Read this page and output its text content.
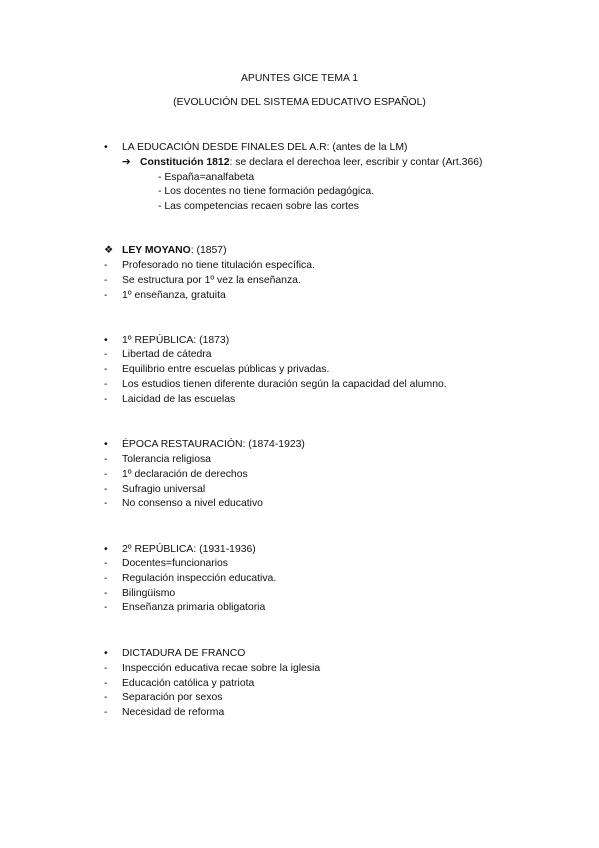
APUNTES GICE TEMA 1
(EVOLUCIÓN DEL SISTEMA EDUCATIVO ESPAÑOL)
• LA EDUCACIÓN DESDE FINALES DEL A.R: (antes de la LM)
➔ Constitución 1812: se declara el derechoa leer, escribir y contar (Art.366)
- España=analfabeta
- Los docentes no tiene formación pedagógica.
- Las competencias recaen sobre las cortes
❖ LEY MOYANO: (1857)
- Profesorado no tiene titulación específica.
- Se estructura por 1º vez la enseñanza.
- 1º enseñanza, gratuita
• 1º REPÚBLICA: (1873)
- Libertad de cátedra
- Equilibrio entre escuelas públicas y privadas.
- Los estudios tienen diferente duración según la capacidad del alumno.
- Laicidad de las escuelas
• ÉPOCA RESTAURACIÓN: (1874-1923)
- Tolerancia religiosa
- 1º declaración de derechos
- Sufragio universal
- No consenso a nivel educativo
• 2º REPÚBLICA: (1931-1936)
- Docentes=funcionarios
- Regulación inspección educativa.
- Bilingüismo
- Enseñanza primaria obligatoria
• DICTADURA DE FRANCO
- Inspección educativa recae sobre la iglesia
- Educación católica y patriota
- Separación por sexos
- Necesidad de reforma
